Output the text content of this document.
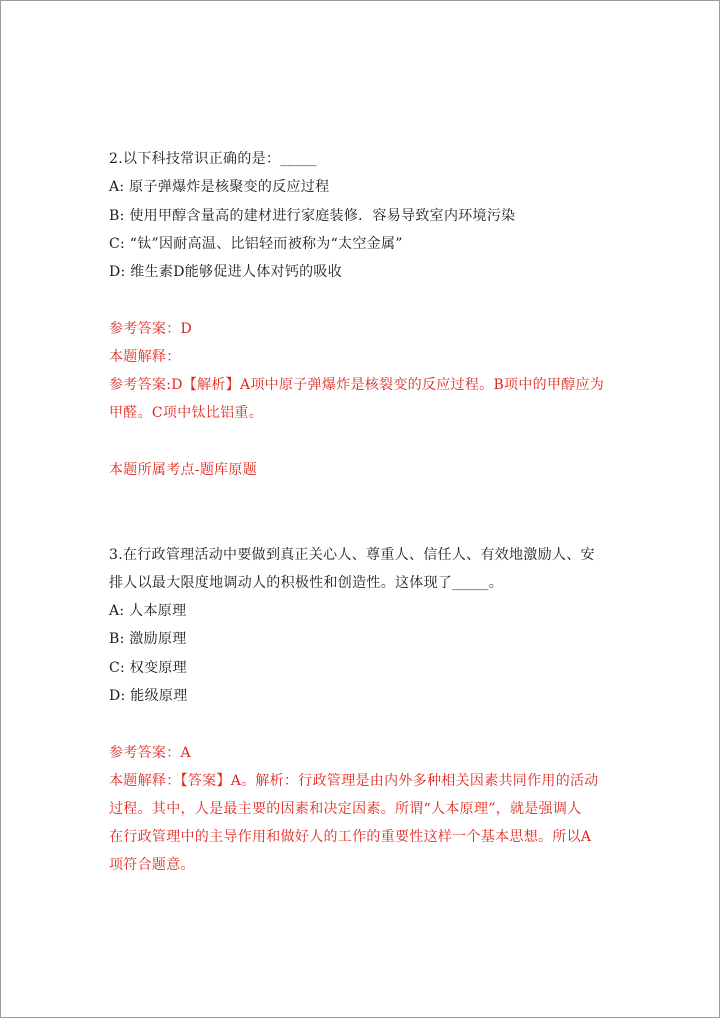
2.以下科技常识正确的是：_____
A: 原子弹爆炸是核聚变的反应过程
B: 使用甲醇含量高的建材进行家庭装修．容易导致室内环境污染
C: “钛”因耐高温、比铝轻而被称为“太空金属”
D: 维生素D能够促进人体对钙的吸收
参考答案：D
本题解释：
参考答案:D【解析】A项中原子弹爆炸是核裂变的反应过程。B项中的甲醇应为
甲醛。C项中钛比铝重。
本题所属考点-题库原题
3.在行政管理活动中要做到真正关心人、尊重人、信任人、有效地激励人、安
排人以最大限度地调动人的积极性和创造性。这体现了_____。
A: 人本原理
B: 激励原理
C: 权变原理
D: 能级原理
参考答案：A
本题解释：【答案】A。解析：行政管理是由内外多种相关因素共同作用的活动
过程。其中，人是最主要的因素和决定因素。所谓“人本原理”，就是强调人
在行政管理中的主导作用和做好人的工作的重要性这样一个基本思想。所以A
项符合题意。
